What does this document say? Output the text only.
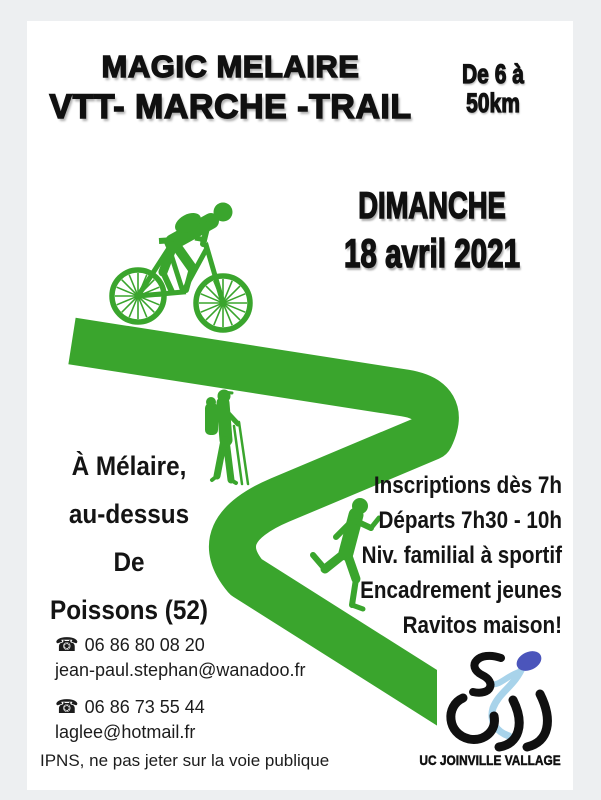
MAGIC MELAIRE
VTT- MARCHE -TRAIL
De 6 à
50km
DIMANCHE
18 avril 2021
À Mélaire,
au-dessus
De
Poissons (52)
Inscriptions dès 7h
Départs 7h30 - 10h
Niv. familial à sportif
Encadrement jeunes
Ravitos maison!
☎ 06 86 80 08 20
jean-paul.stephan@wanadoo.fr
☎ 06 86 73 55 44
laglee@hotmail.fr
IPNS, ne pas jeter sur la voie publique	UC JOINVILLE VALLAGE
